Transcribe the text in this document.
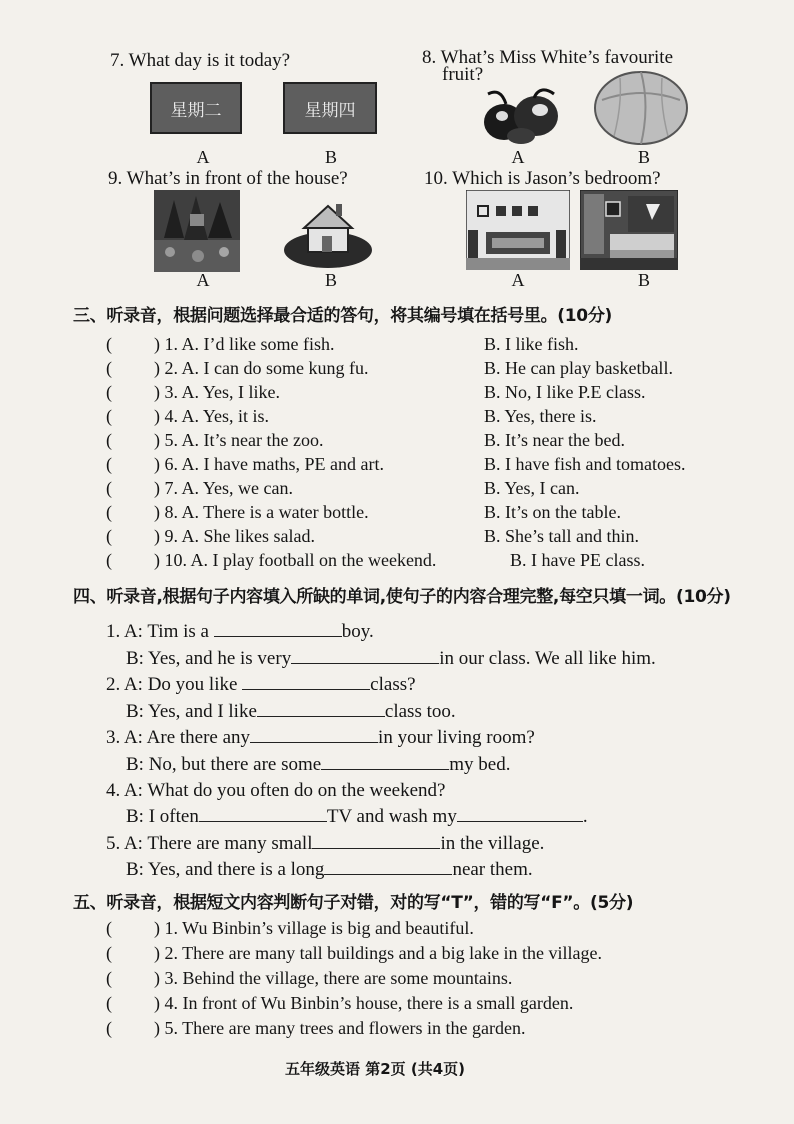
7. What day is it today?
星期二	星期四
A	B
8. What’s Miss White’s favourite
fruit?
A	B
9. What’s in front of the house?
A	B
10. Which is Jason’s bedroom?
A	B
三、听录音，根据问题选择最合适的答句，将其编号填在括号里。(10分)
( ) 1. A. I’d like some fish.	B. I like fish.
( ) 2. A. I can do some kung fu.	B. He can play basketball.
( ) 3. A. Yes, I like.	B. No, I like P.E class.
( ) 4. A. Yes, it is.	B. Yes, there is.
( ) 5. A. It’s near the zoo.	B. It’s near the bed.
( ) 6. A. I have maths, PE and art.	B. I have fish and tomatoes.
( ) 7. A. Yes, we can.	B. Yes, I can.
( ) 8. A. There is a water bottle.	B. It’s on the table.
( ) 9. A. She likes salad.	B. She’s tall and thin.
( ) 10. A. I play football on the weekend.	B. I have PE class.
四、听录音,根据句子内容填入所缺的单词,使句子的内容合理完整,每空只填一词。(10分)
1. A: Tim is a	boy.
B: Yes, and he is very	in our class. We all like him.
2. A: Do you like	class?
B: Yes, and I like	class too.
3. A: Are there any	in your living room?
B: No, but there are some	my bed.
4. A: What do you often do on the weekend?
B: I often	TV and wash my	.
5. A: There are many small	in the village.
B: Yes, and there is a long	near them.
五、听录音，根据短文内容判断句子对错，对的写“T”，错的写“F”。(5分)
( ) 1. Wu Binbin’s village is big and beautiful.
( ) 2. There are many tall buildings and a big lake in the village.
( ) 3. Behind the village, there are some mountains.
( ) 4. In front of Wu Binbin’s house, there is a small garden.
( ) 5. There are many trees and flowers in the garden.
五年级英语 第2页 (共4页)
